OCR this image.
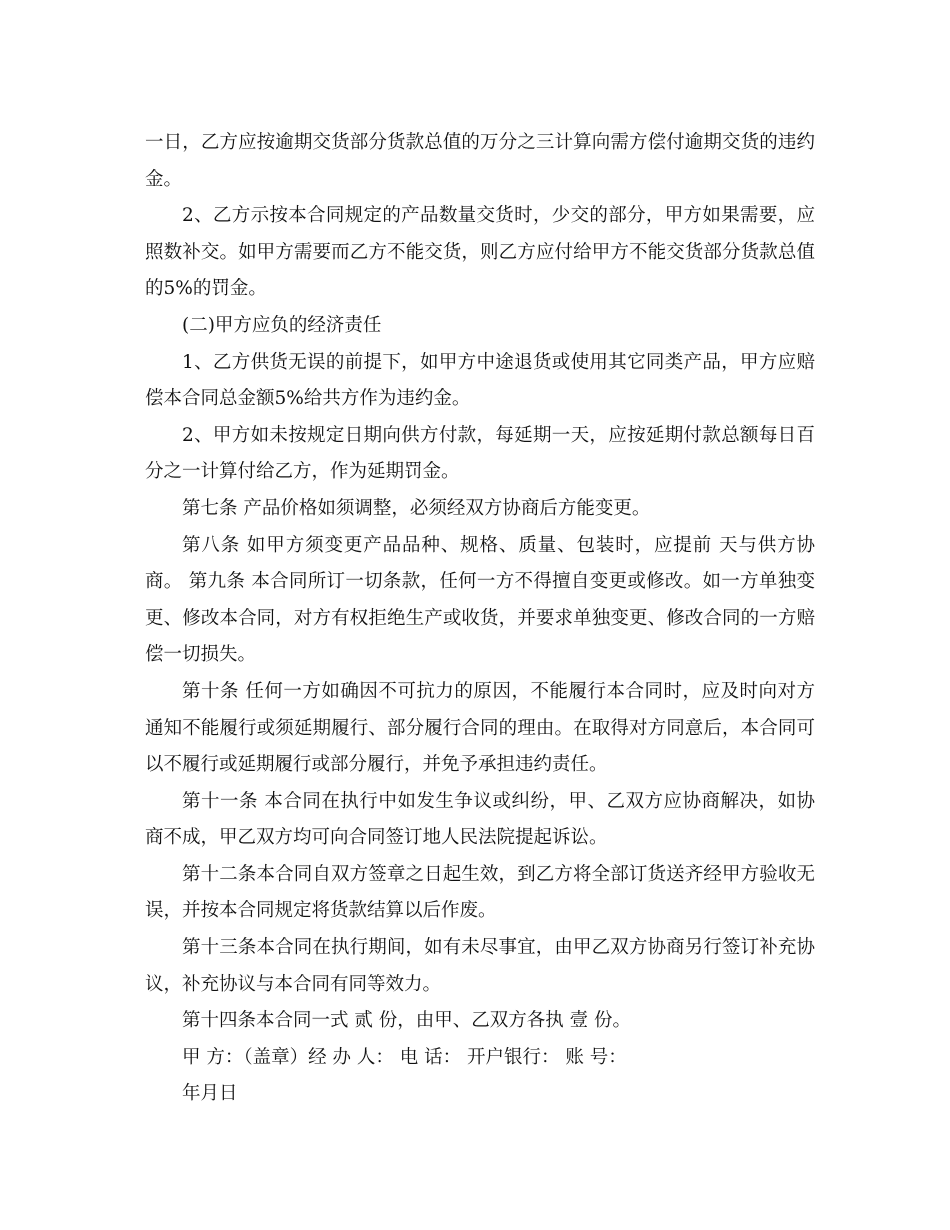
一日，乙方应按逾期交货部分货款总值的万分之三计算向需方偿付逾期交货的违约金。

2、乙方示按本合同规定的产品数量交货时，少交的部分，甲方如果需要，应照数补交。如甲方需要而乙方不能交货，则乙方应付给甲方不能交货部分货款总值的5%的罚金。

(二)甲方应负的经济责任

1、乙方供货无误的前提下，如甲方中途退货或使用其它同类产品，甲方应赔偿本合同总金额5%给共方作为违约金。

2、甲方如未按规定日期向供方付款，每延期一天，应按延期付款总额每日百分之一计算付给乙方，作为延期罚金。

第七条 产品价格如须调整，必须经双方协商后方能变更。

第八条 如甲方须变更产品品种、规格、质量、包装时，应提前 天与供方协商。 第九条 本合同所订一切条款，任何一方不得擅自变更或修改。如一方单独变更、修改本合同，对方有权拒绝生产或收货，并要求单独变更、修改合同的一方赔偿一切损失。

第十条 任何一方如确因不可抗力的原因，不能履行本合同时，应及时向对方通知不能履行或须延期履行、部分履行合同的理由。在取得对方同意后，本合同可以不履行或延期履行或部分履行，并免予承担违约责任。

第十一条 本合同在执行中如发生争议或纠纷，甲、乙双方应协商解决，如协商不成，甲乙双方均可向合同签订地人民法院提起诉讼。

第十二条本合同自双方签章之日起生效，到乙方将全部订货送齐经甲方验收无误，并按本合同规定将货款结算以后作废。

第十三条本合同在执行期间，如有未尽事宜，由甲乙双方协商另行签订补充协议，补充协议与本合同有同等效力。

第十四条本合同一式 贰 份，由甲、乙双方各执 壹 份。

甲 方：（盖章）经 办 人： 电 话： 开户银行： 账 号：

年月日
